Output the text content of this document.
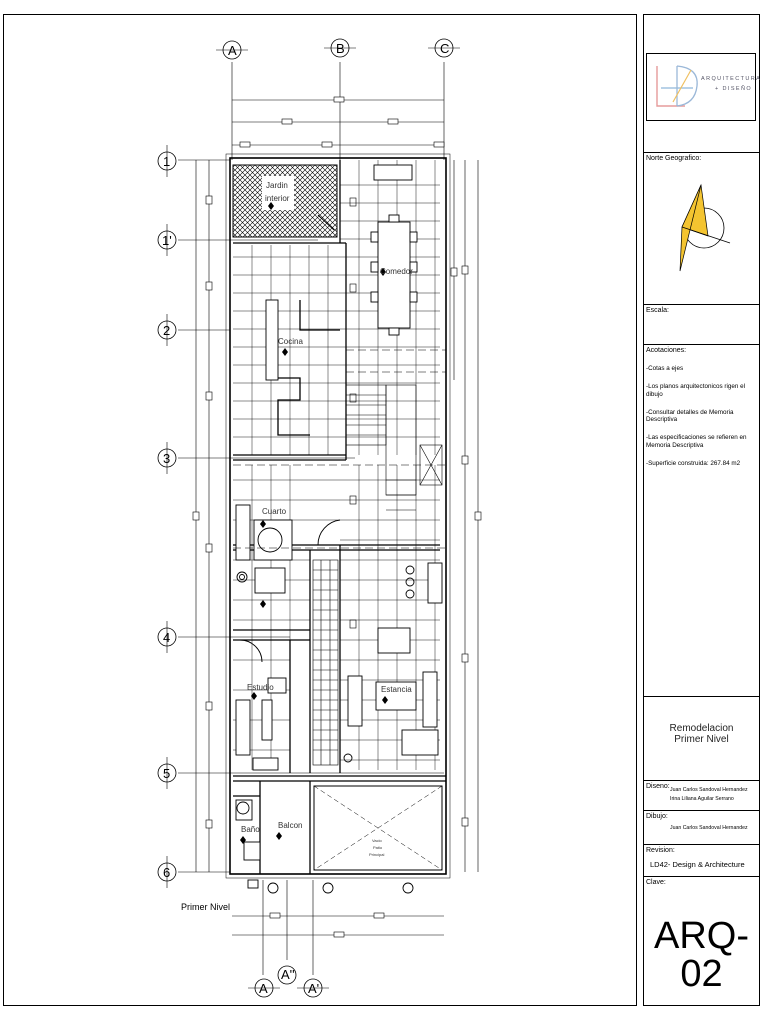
Jardin
interior
Comedor
Cocina
Cuarto
Estancia
Estudio
Baño Balcon
Vacio
Patio
Principal
Primer Nivel
A	B	C
A
A''
A'
1
1'
2
3
4
5
6
ARQUITECTURA
+ DISEÑO
Norte Geografico:
Escala:
Acotaciones:

-Cotas a ejes

-Los planos arquitectonicos rigen el dibujo

-Consultar detalles de Memoria Descriptiva

-Las especificaciones se refieren en Memoria Descriptiva

-Superficie construida: 267.84 m2

Remodelacion
Primer Nivel
Diseno: Juan Carlos Sandoval Hernandez
Irina Liliana Aguilar Serrano
Dibujo:
Juan Carlos Sandoval Hernandez
Revision:
LD42- Design & Architecture
Clave:
ARQ-02
